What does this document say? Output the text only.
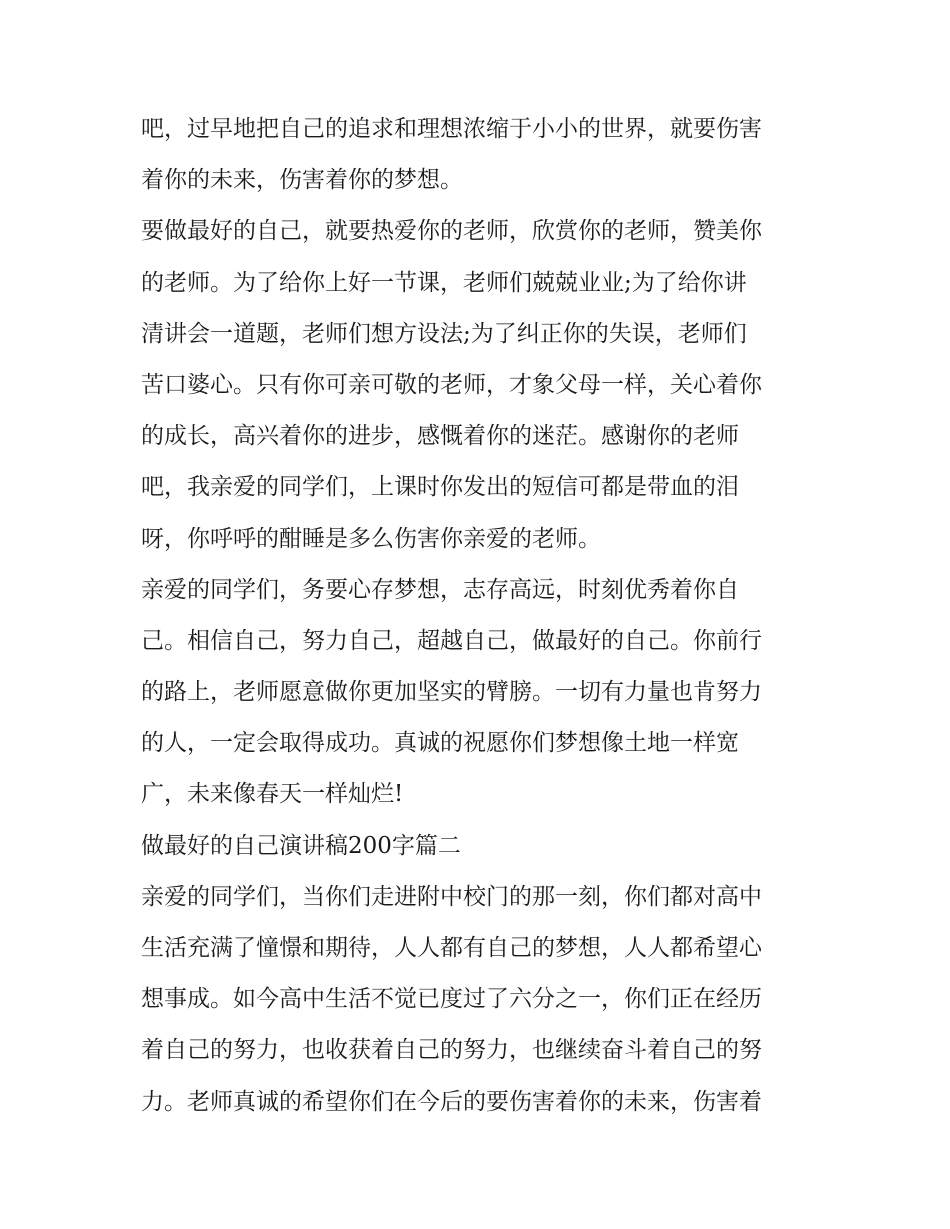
吧，过早地把自己的追求和理想浓缩于小小的世界，就要伤害
着你的未来，伤害着你的梦想。
要做最好的自己，就要热爱你的老师，欣赏你的老师，赞美你
的老师。为了给你上好一节课，老师们兢兢业业;为了给你讲
清讲会一道题，老师们想方设法;为了纠正你的失误，老师们
苦口婆心。只有你可亲可敬的老师，才象父母一样，关心着你
的成长，高兴着你的进步，感慨着你的迷茫。感谢你的老师
吧，我亲爱的同学们，上课时你发出的短信可都是带血的泪
呀，你呼呼的酣睡是多么伤害你亲爱的老师。
亲爱的同学们，务要心存梦想，志存高远，时刻优秀着你自
己。相信自己，努力自己，超越自己，做最好的自己。你前行
的路上，老师愿意做你更加坚实的臂膀。一切有力量也肯努力
的人，一定会取得成功。真诚的祝愿你们梦想像土地一样宽
广，未来像春天一样灿烂!
做最好的自己演讲稿200字篇二
亲爱的同学们，当你们走进附中校门的那一刻，你们都对高中
生活充满了憧憬和期待，人人都有自己的梦想，人人都希望心
想事成。如今高中生活不觉已度过了六分之一，你们正在经历
着自己的努力，也收获着自己的努力，也继续奋斗着自己的努
力。老师真诚的希望你们在今后的要伤害着你的未来，伤害着
